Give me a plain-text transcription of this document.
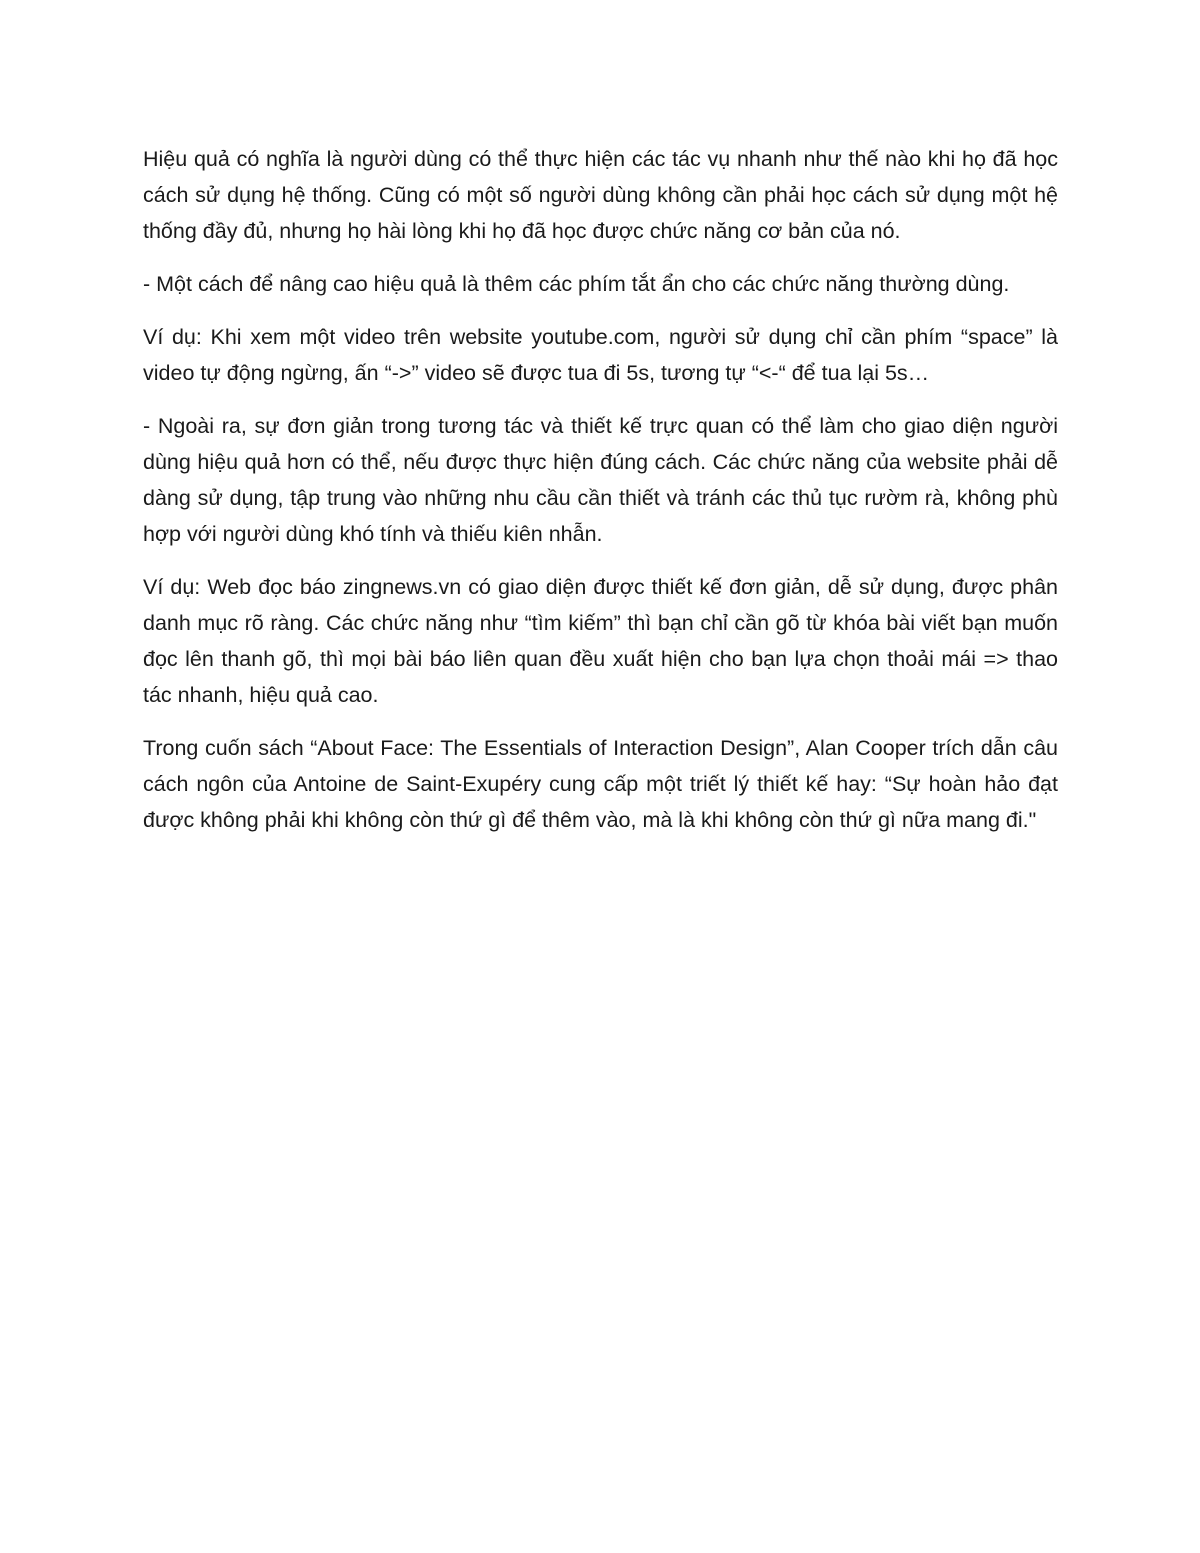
Hiệu quả có nghĩa là người dùng có thể thực hiện các tác vụ nhanh như thế nào khi họ đã học cách sử dụng hệ thống. Cũng có một số người dùng không cần phải học cách sử dụng một hệ thống đầy đủ, nhưng họ hài lòng khi họ đã học được chức năng cơ bản của nó.

- Một cách để nâng cao hiệu quả là thêm các phím tắt ẩn cho các chức năng thường dùng.

Ví dụ: Khi xem một video trên website youtube.com, người sử dụng chỉ cần phím “space” là video tự động ngừng, ấn “->” video sẽ được tua đi 5s, tương tự “<-“ để tua lại 5s…

- Ngoài ra, sự đơn giản trong tương tác và thiết kế trực quan có thể làm cho giao diện người dùng hiệu quả hơn có thể, nếu được thực hiện đúng cách. Các chức năng của website phải dễ dàng sử dụng, tập trung vào những nhu cầu cần thiết và tránh các thủ tục rườm rà, không phù hợp với người dùng khó tính và thiếu kiên nhẫn.

Ví dụ: Web đọc báo zingnews.vn có giao diện được thiết kế đơn giản, dễ sử dụng, được phân danh mục rõ ràng. Các chức năng như “tìm kiếm” thì bạn chỉ cần gõ từ khóa bài viết bạn muốn đọc lên thanh gõ, thì mọi bài báo liên quan đều xuất hiện cho bạn lựa chọn thoải mái => thao tác nhanh, hiệu quả cao.

Trong cuốn sách “About Face: The Essentials of Interaction Design”, Alan Cooper trích dẫn câu cách ngôn của Antoine de Saint-Exupéry cung cấp một triết lý thiết kế hay: “Sự hoàn hảo đạt được không phải khi không còn thứ gì để thêm vào, mà là khi không còn thứ gì nữa mang đi."
